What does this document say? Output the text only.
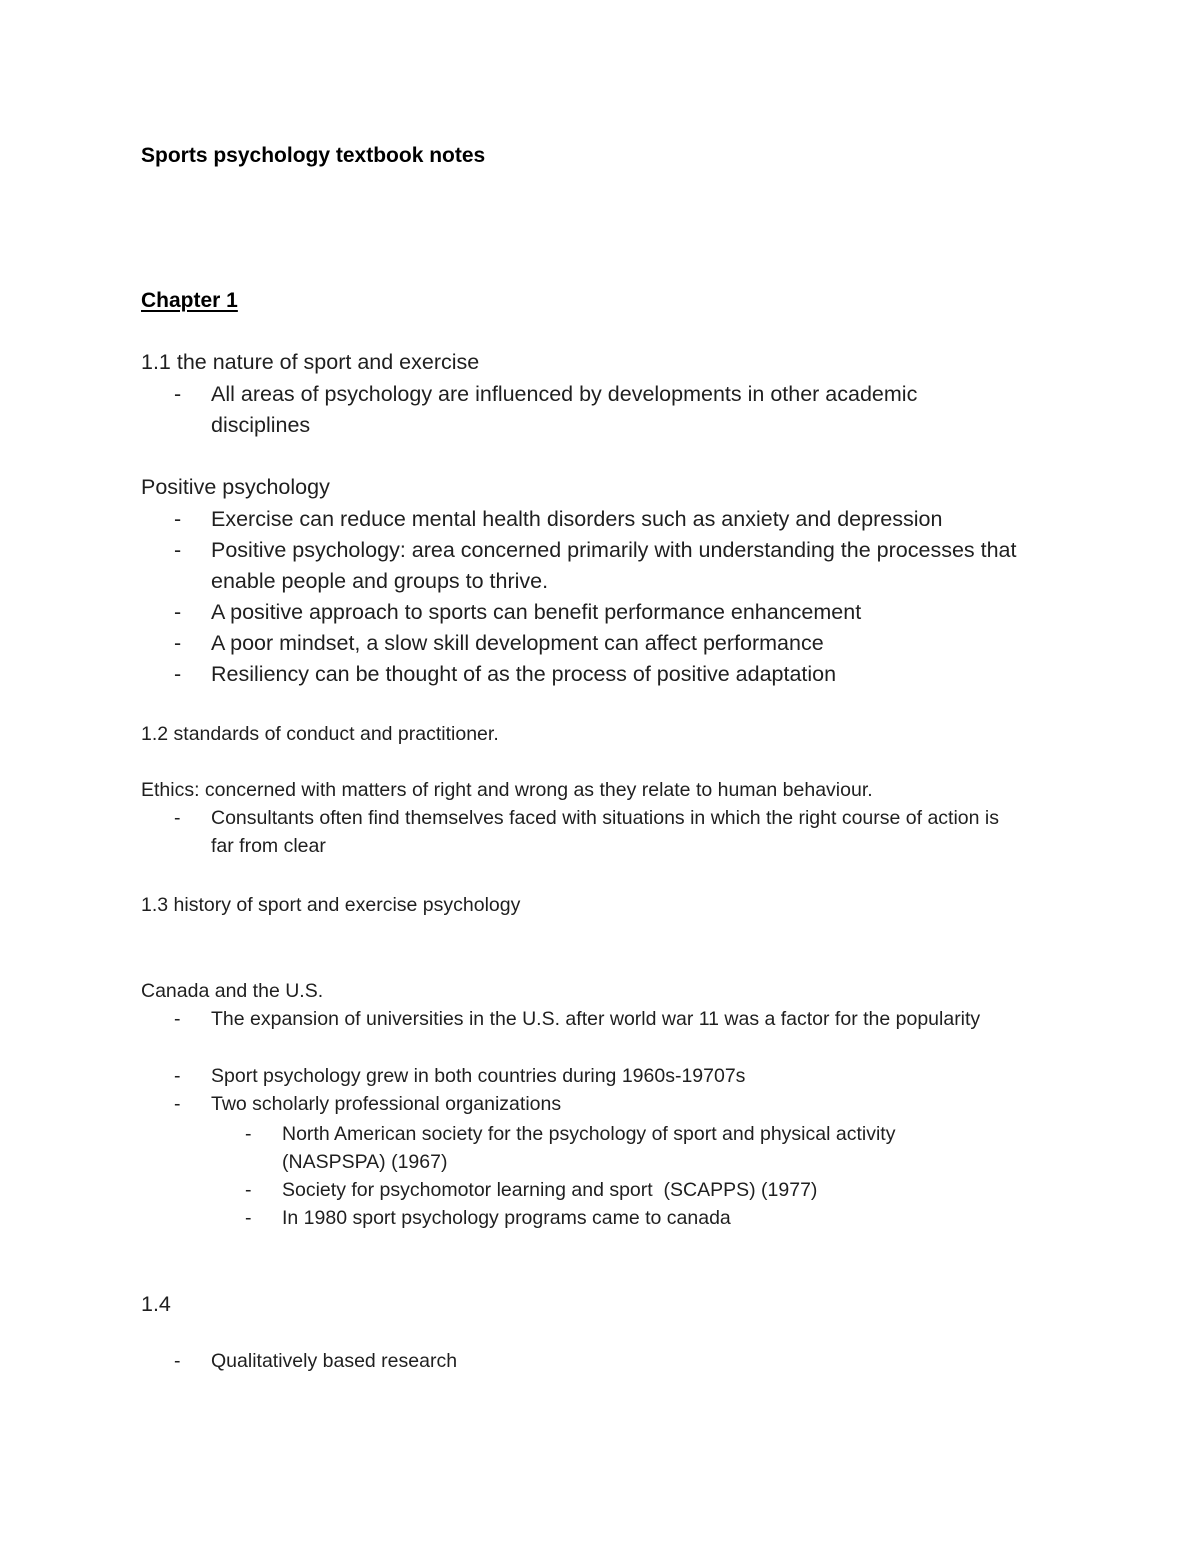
Sports psychology textbook notes
Chapter 1
1.1 the nature of sport and exercise
- All areas of psychology are influenced by developments in other academic disciplines
Positive psychology
- Exercise can reduce mental health disorders such as anxiety and depression
- Positive psychology: area concerned primarily with understanding the processes that enable people and groups to thrive.
- A positive approach to sports can benefit performance enhancement
- A poor mindset, a slow skill development can affect performance
- Resiliency can be thought of as the process of positive adaptation
1.2 standards of conduct and practitioner.
Ethics: concerned with matters of right and wrong as they relate to human behaviour.
- Consultants often find themselves faced with situations in which the right course of action is far from clear
1.3 history of sport and exercise psychology
Canada and the U.S.
- The expansion of universities in the U.S. after world war 11 was a factor for the popularity
- Sport psychology grew in both countries during 1960s-19707s
- Two scholarly professional organizations
- North American society for the psychology of sport and physical activity (NASPSPA) (1967)
- Society for psychomotor learning and sport  (SCAPPS) (1977)
- In 1980 sport psychology programs came to canada
1.4
- Qualitatively based research
